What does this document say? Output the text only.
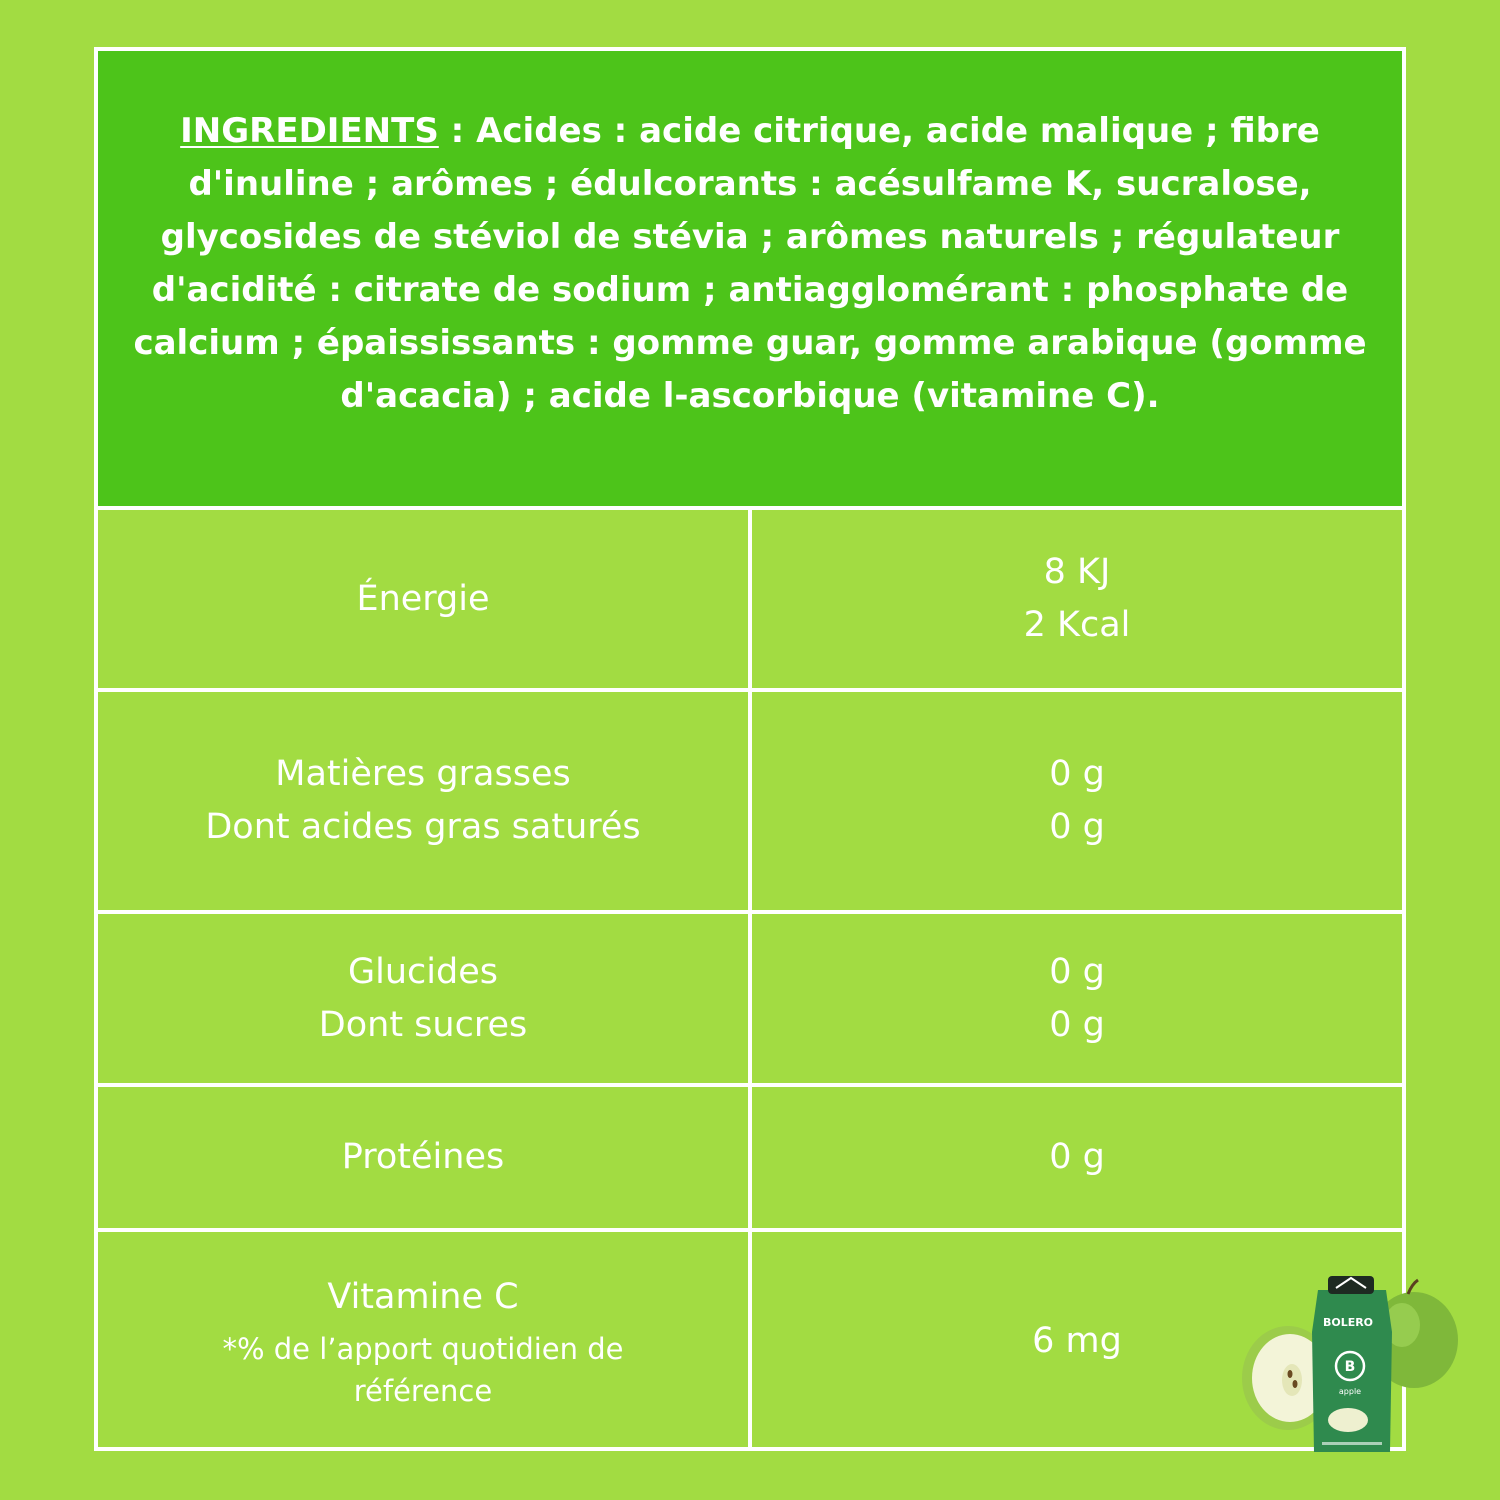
INGREDIENTS : Acides : acide citrique, acide malique ; fibre d'inuline ; arômes ; édulcorants : acésulfame K, sucralose, glycosides de stéviol de stévia ; arômes naturels ; régulateur d'acidité : citrate de sodium ; antiagglomérant : phosphate de calcium ; épaississants : gomme guar, gomme arabique (gomme d'acacia) ; acide l-ascorbique (vitamine C).

Énergie
8 KJ
2 Kcal
Matières grasses
Dont acides gras saturés
0 g
0 g
Glucides
Dont sucres
0 g
0 g
Protéines	0 g
Vitamine C
*% de l’apport quotidien de référence
6 mg	BOLERO
B
apple
